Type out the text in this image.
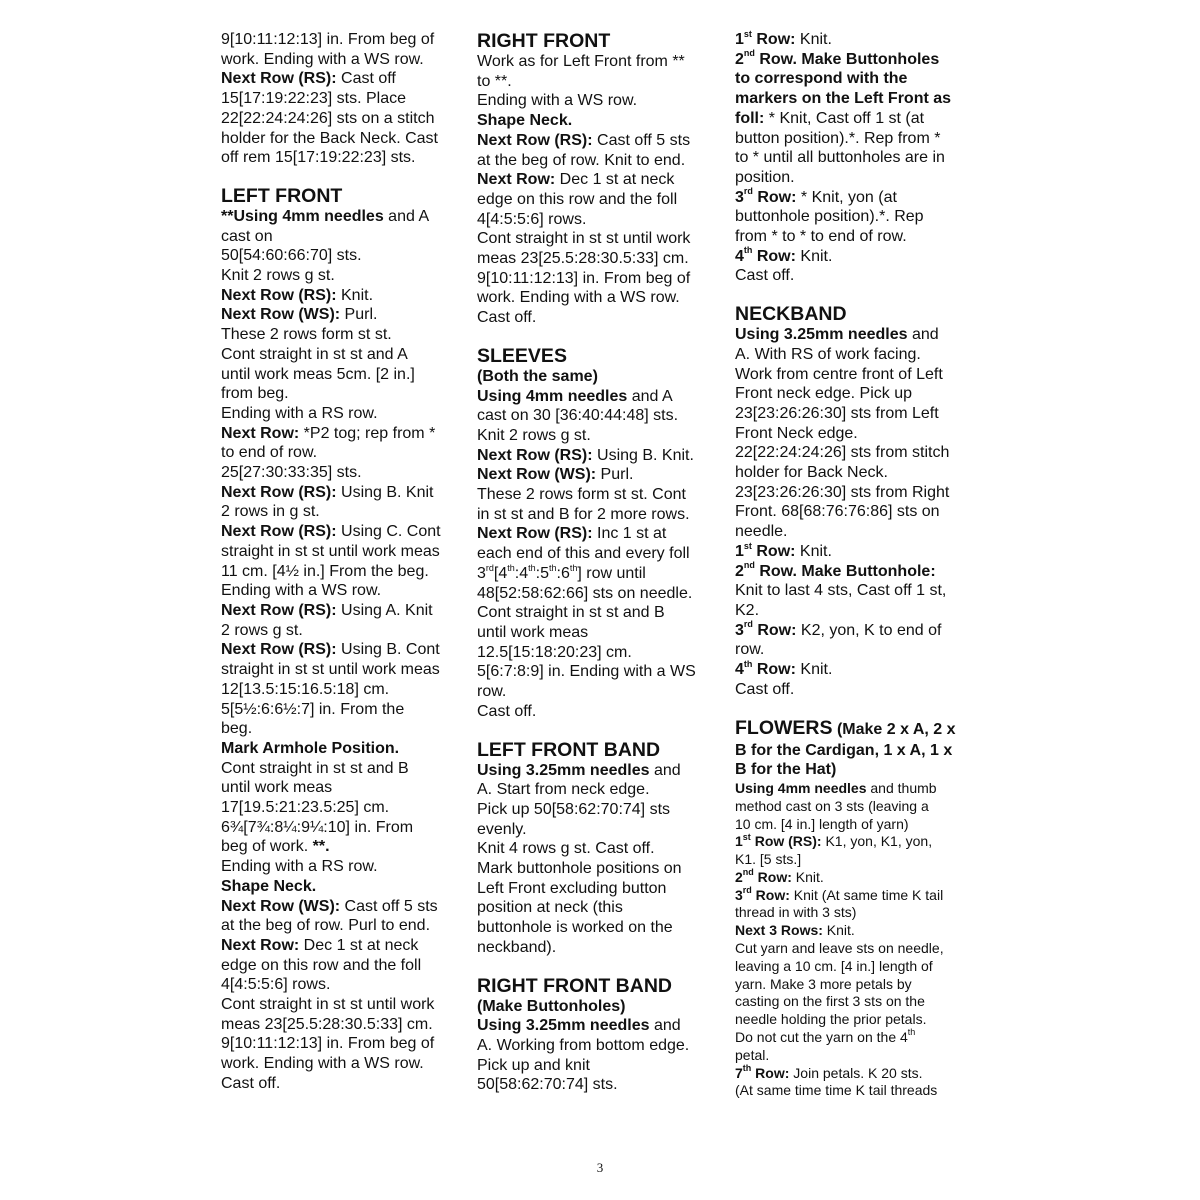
9[10:11:12:13] in. From beg of
work. Ending with a WS row.
Next Row (RS): Cast off
15[17:19:22:23] sts. Place
22[22:24:24:26] sts on a stitch
holder for the Back Neck. Cast
off rem 15[17:19:22:23] sts.
LEFT FRONT
**Using 4mm needles and A
cast on
50[54:60:66:70] sts.
Knit 2 rows g st.
Next Row (RS): Knit.
Next Row (WS): Purl.
These 2 rows form st st.
Cont straight in st st and A
until work meas 5cm. [2 in.]
from beg.
Ending with a RS row.
Next Row: *P2 tog; rep from *
to end of row.
25[27:30:33:35] sts.
Next Row (RS): Using B. Knit
2 rows in g st.
Next Row (RS): Using C. Cont
straight in st st until work meas
11 cm. [4½ in.] From the beg.
Ending with a WS row.
Next Row (RS): Using A. Knit
2 rows g st.
Next Row (RS): Using B. Cont
straight in st st until work meas
12[13.5:15:16.5:18] cm.
5[5½:6:6½:7] in. From the
beg.
Mark Armhole Position.
Cont straight in st st and B
until work meas
17[19.5:21:23.5:25] cm.
6¾[7¾:8¼:9¼:10] in. From
beg of work. **.
Ending with a RS row.
Shape Neck.
Next Row (WS): Cast off 5 sts
at the beg of row. Purl to end.
Next Row: Dec 1 st at neck
edge on this row and the foll
4[4:5:5:6] rows.
Cont straight in st st until work
meas 23[25.5:28:30.5:33] cm.
9[10:11:12:13] in. From beg of
work. Ending with a WS row.
Cast off.
RIGHT FRONT
Work as for Left Front from **
to **.
Ending with a WS row.
Shape Neck.
Next Row (RS): Cast off 5 sts
at the beg of row. Knit to end.
Next Row: Dec 1 st at neck
edge on this row and the foll
4[4:5:5:6] rows.
Cont straight in st st until work
meas 23[25.5:28:30.5:33] cm.
9[10:11:12:13] in. From beg of
work. Ending with a WS row.
Cast off.
SLEEVES
(Both the same)
Using 4mm needles and A
cast on 30 [36:40:44:48] sts.
Knit 2 rows g st.
Next Row (RS): Using B. Knit.
Next Row (WS): Purl.
These 2 rows form st st. Cont
in st st and B for 2 more rows.
Next Row (RS): Inc 1 st at
each end of this and every foll
3rd[4th:4th:5th:6th] row until
48[52:58:62:66] sts on needle.
Cont straight in st st and B
until work meas
12.5[15:18:20:23] cm.
5[6:7:8:9] in. Ending with a WS
row.
Cast off.
LEFT FRONT BAND
Using 3.25mm needles and
A. Start from neck edge.
Pick up 50[58:62:70:74] sts
evenly.
Knit 4 rows g st. Cast off.
Mark buttonhole positions on
Left Front excluding button
position at neck (this
buttonhole is worked on the
neckband).
RIGHT FRONT BAND
(Make Buttonholes)
Using 3.25mm needles and
A. Working from bottom edge.
Pick up and knit
50[58:62:70:74] sts.
1st Row: Knit.
2nd Row. Make Buttonholes
to correspond with the
markers on the Left Front as
foll: * Knit, Cast off 1 st (at
button position).*. Rep from *
to * until all buttonholes are in
position.
3rd Row: * Knit, yon (at
buttonhole position).*. Rep
from * to * to end of row.
4th Row: Knit.
Cast off.
NECKBAND
Using 3.25mm needles and
A. With RS of work facing.
Work from centre front of Left
Front neck edge. Pick up
23[23:26:26:30] sts from Left
Front Neck edge.
22[22:24:24:26] sts from stitch
holder for Back Neck.
23[23:26:26:30] sts from Right
Front. 68[68:76:76:86] sts on
needle.
1st Row: Knit.
2nd Row. Make Buttonhole:
Knit to last 4 sts, Cast off 1 st,
K2.
3rd Row: K2, yon, K to end of
row.
4th Row: Knit.
Cast off.
FLOWERS (Make 2 x A, 2 x
B for the Cardigan, 1 x A, 1 x
B for the Hat)
Using 4mm needles and thumb
method cast on 3 sts (leaving a
10 cm. [4 in.] length of yarn)
1st Row (RS): K1, yon, K1, yon,
K1. [5 sts.]
2nd Row: Knit.
3rd Row: Knit (At same time K tail
thread in with 3 sts)
Next 3 Rows: Knit.
Cut yarn and leave sts on needle,
leaving a 10 cm. [4 in.] length of
yarn. Make 3 more petals by
casting on the first 3 sts on the
needle holding the prior petals.
Do not cut the yarn on the 4th
petal.
7th Row: Join petals. K 20 sts.
(At same time time K tail threads
3
